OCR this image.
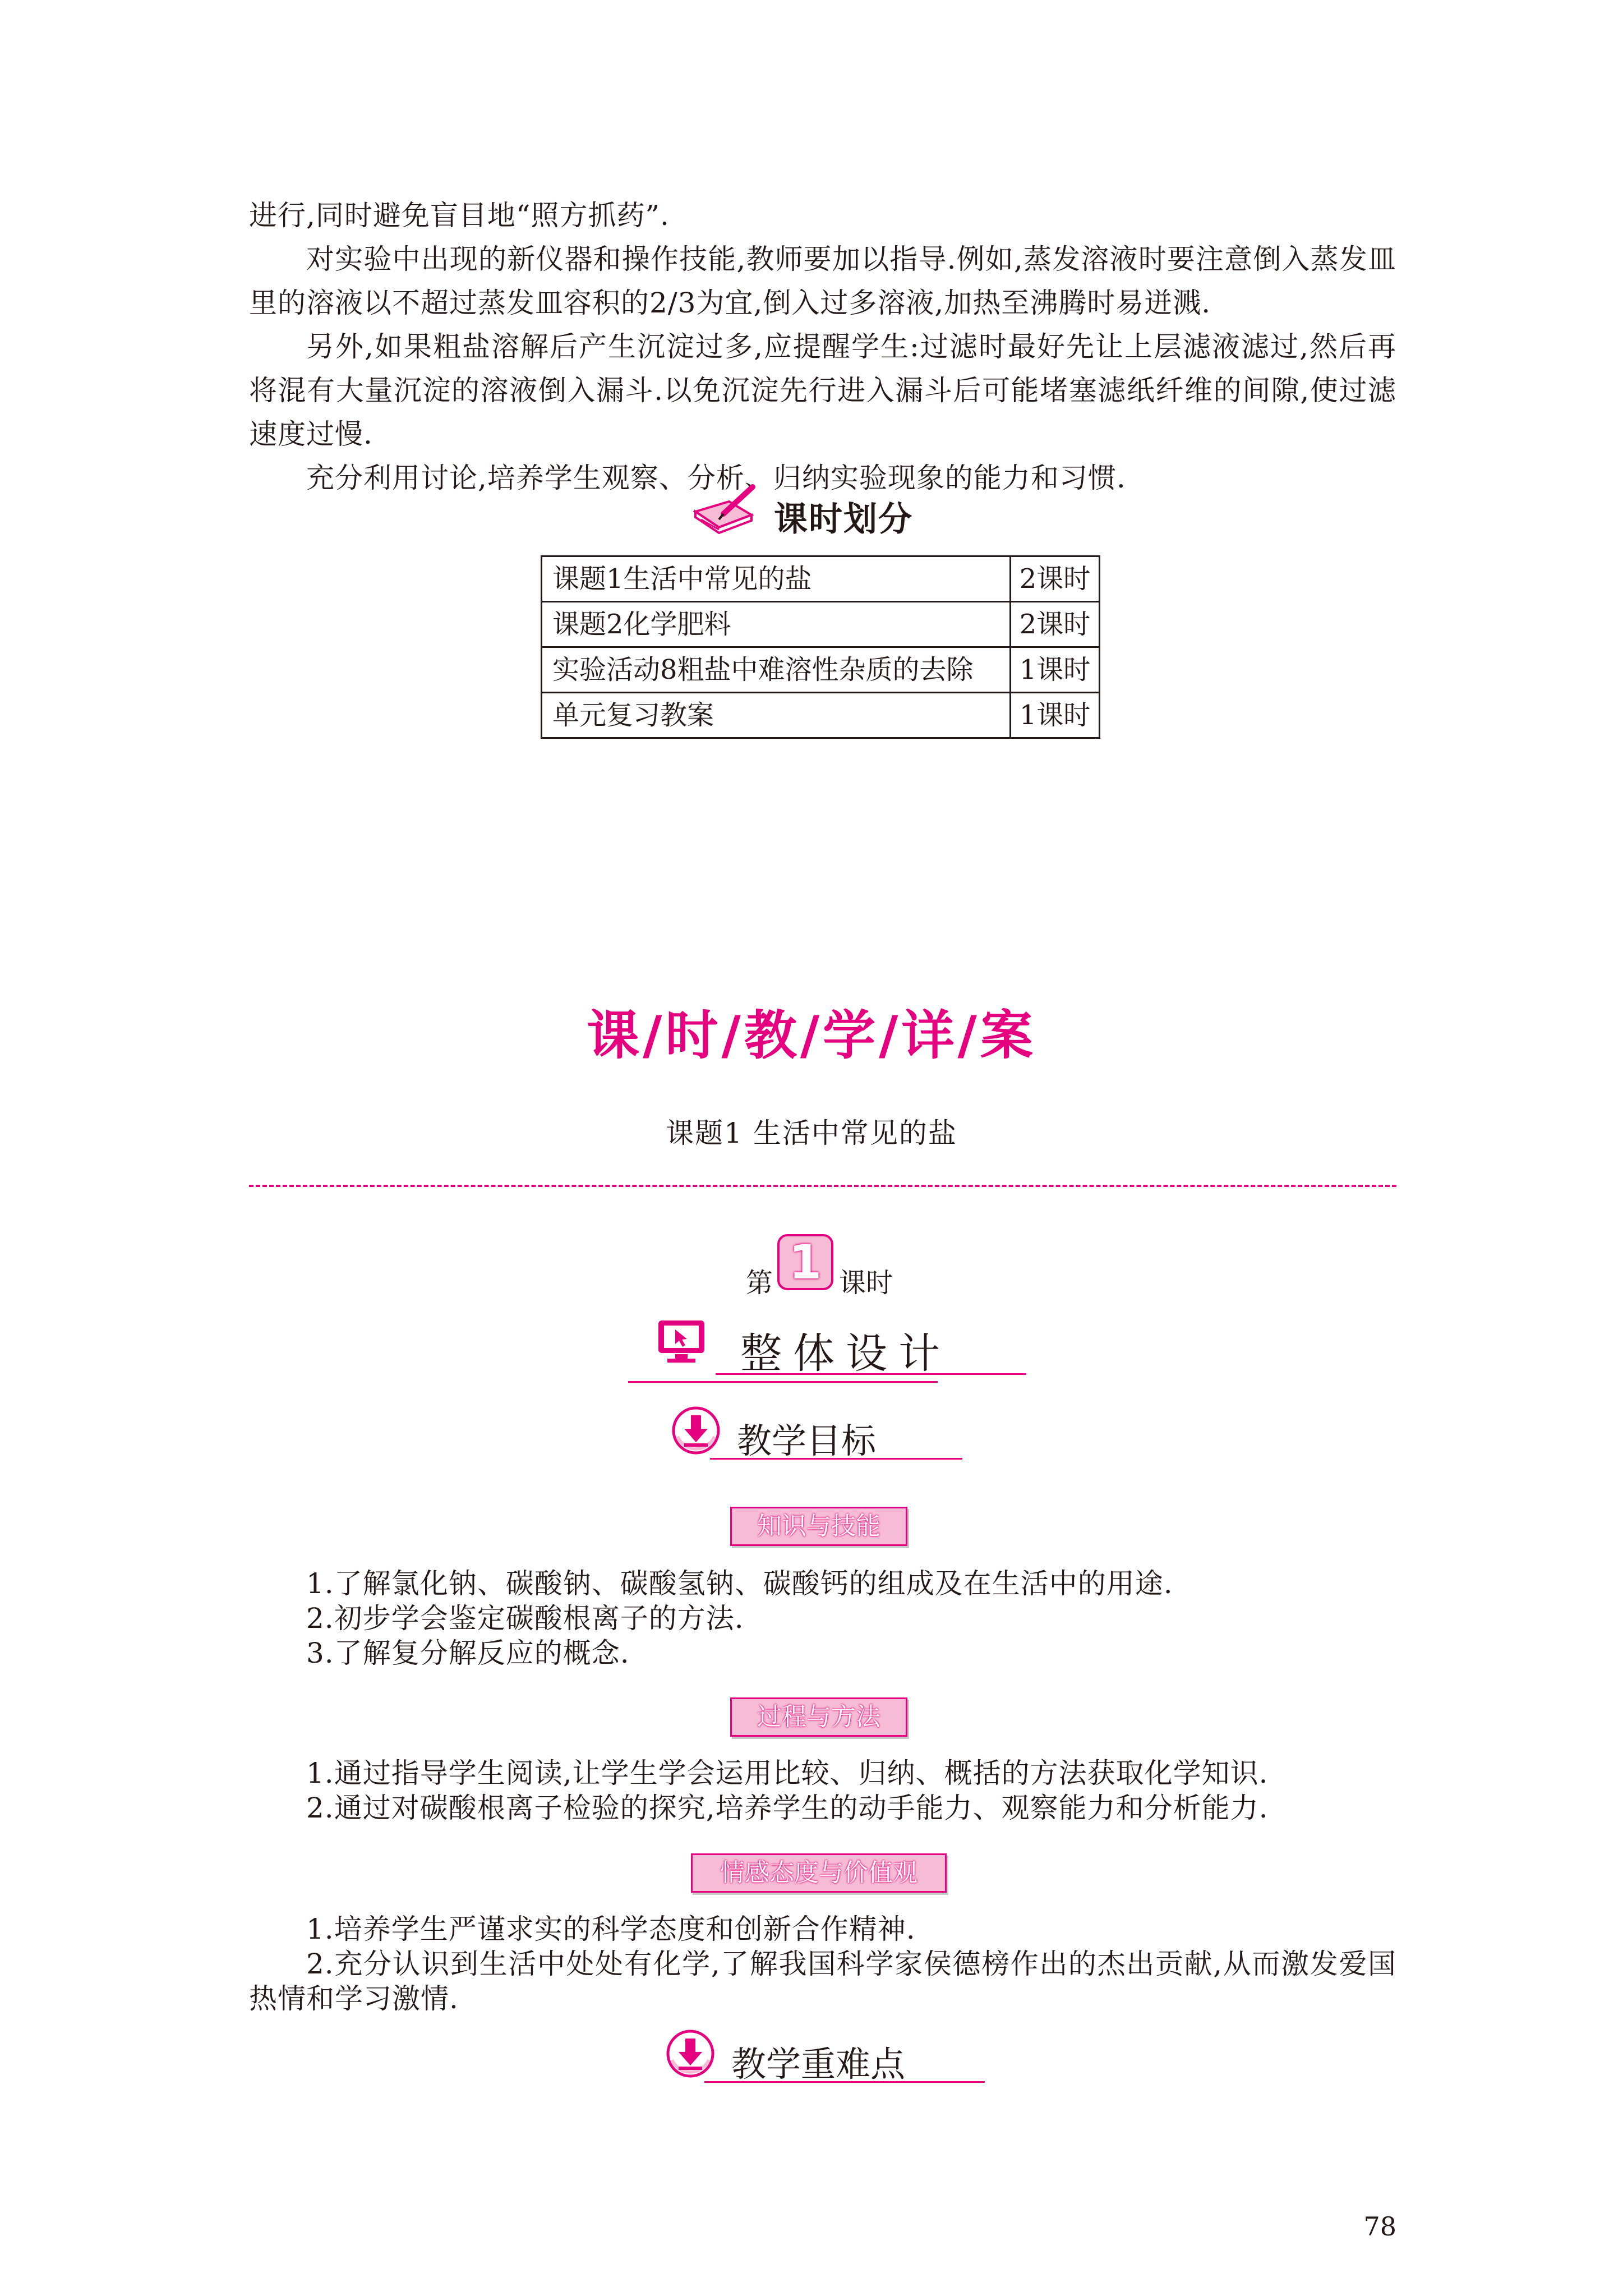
进行,同时避免盲目地“照方抓药”.
对实验中出现的新仪器和操作技能,教师要加以指导.例如,蒸发溶液时要注意倒入蒸发皿里的溶液以不超过蒸发皿容积的2/3为宜,倒入过多溶液,加热至沸腾时易迸溅.
另外,如果粗盐溶解后产生沉淀过多,应提醒学生:过滤时最好先让上层滤液滤过,然后再将混有大量沉淀的溶液倒入漏斗.以免沉淀先行进入漏斗后可能堵塞滤纸纤维的间隙,使过滤速度过慢.
充分利用讨论,培养学生观察、分析、归纳实验现象的能力和习惯.
课时划分
课题1生活中常见的盐	2课时
课题2化学肥料	2课时
实验活动8粗盐中难溶性杂质的去除	1课时
单元复习教案	1课时
课/时/教/学/详/案
课题1 生活中常见的盐
第 1 课时
整体设计
教学目标
知识与技能
1.了解氯化钠、碳酸钠、碳酸氢钠、碳酸钙的组成及在生活中的用途.
2.初步学会鉴定碳酸根离子的方法.
3.了解复分解反应的概念.
过程与方法
1.通过指导学生阅读,让学生学会运用比较、归纳、概括的方法获取化学知识.
2.通过对碳酸根离子检验的探究,培养学生的动手能力、观察能力和分析能力.
情感态度与价值观
1.培养学生严谨求实的科学态度和创新合作精神.
2.充分认识到生活中处处有化学,了解我国科学家侯德榜作出的杰出贡献,从而激发爱国热情和学习激情.
教学重难点
78
